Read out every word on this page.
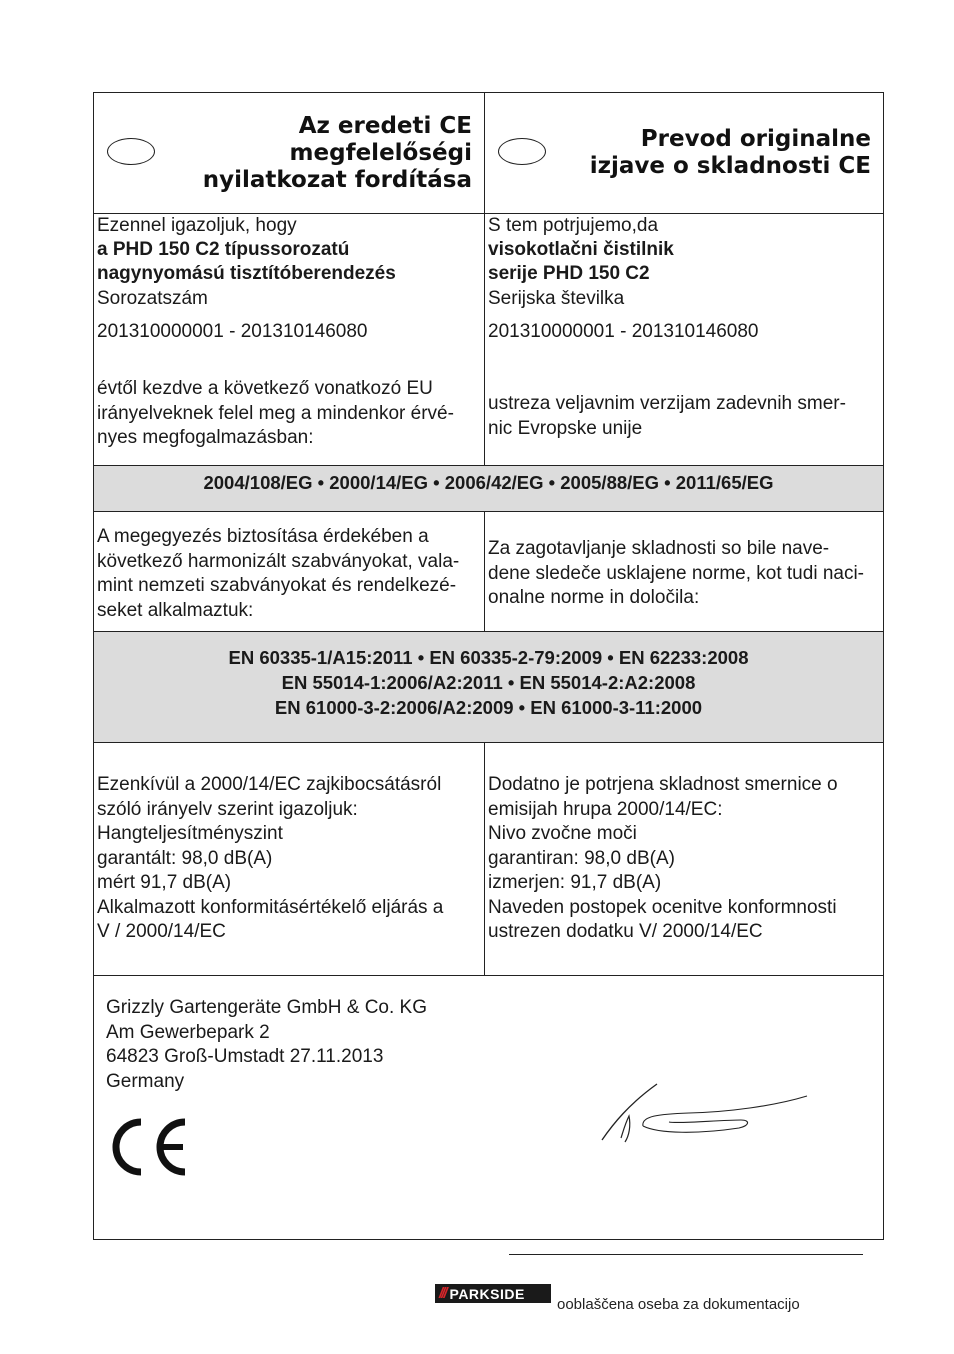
Az eredeti CE
megfelelőségi
nyilatkozat fordítása
Prevod originalne
izjave o skladnosti CE
Ezennel igazoljuk, hogy
a PHD 150 C2 típussorozatú
nagynyomású tisztítóberendezés
Sorozatszám
201310000001 - 201310146080
évtől kezdve a következő vonatkozó EU
irányelveknek felel meg a mindenkor érvé-
nyes megfogalmazásban:
S tem potrjujemo,da
visokotlačni čistilnik
serije PHD 150 C2
Serijska številka
201310000001 - 201310146080
ustreza veljavnim verzijam zadevnih smer-
nic Evropske unije
2004/108/EG • 2000/14/EG • 2006/42/EG • 2005/88/EG • 2011/65/EG
A megegyezés biztosítása érdekében a
következő harmonizált szabványokat, vala-
mint nemzeti szabványokat és rendelkezé-
seket alkalmaztuk:
Za zagotavljanje skladnosti so bile nave-
dene sledeče usklajene norme, kot tudi naci-
onalne norme in določila:
EN 60335-1/A15:2011 • EN 60335-2-79:2009 • EN 62233:2008
EN 55014-1:2006/A2:2011 • EN 55014-2:A2:2008
EN 61000-3-2:2006/A2:2009 • EN 61000-3-11:2000
Ezenkívül a 2000/14/EC zajkibocsátásról
szóló irányelv szerint igazoljuk:
Hangteljesítményszint
garantált: 98,0 dB(A)
mért 91,7 dB(A)
Alkalmazott konformitásértékelő eljárás a
V / 2000/14/EC
Dodatno je potrjena skladnost smernice o
emisijah hrupa 2000/14/EC:
Nivo zvočne moči
garantiran: 98,0 dB(A)
izmerjen: 91,7 dB(A)
Naveden postopek ocenitve konformnosti
ustrezen dodatku V/ 2000/14/EC
Grizzly Gartengeräte GmbH & Co. KG
Am Gewerbepark 2
64823 Groß-Umstadt 27.11.2013
Germany
ooblaščena oseba za dokumentacijo
/// PARKSIDE
